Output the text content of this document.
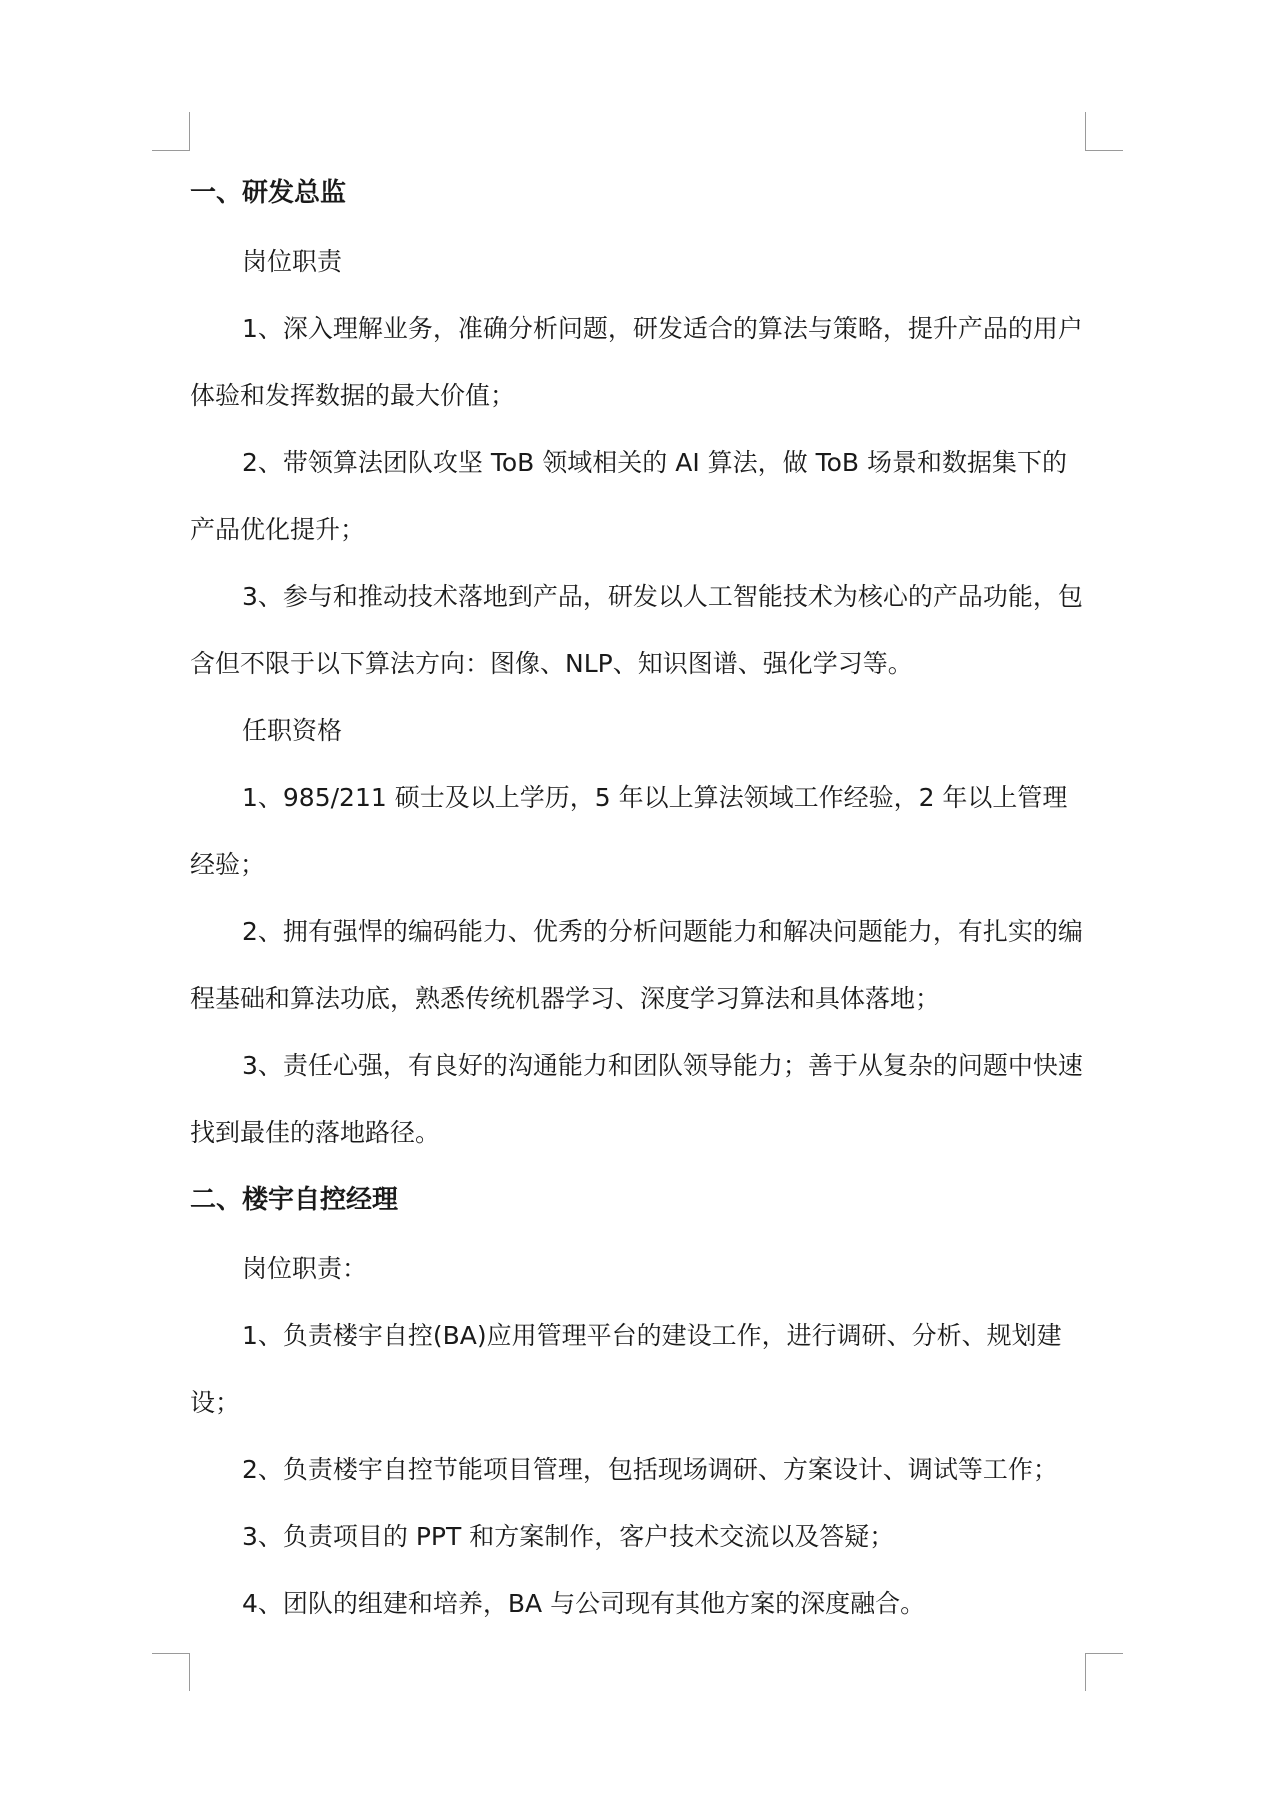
一、研发总监

岗位职责

1、深入理解业务，准确分析问题，研发适合的算法与策略，提升产品的用户体验和发挥数据的最大价值；

2、带领算法团队攻坚 ToB 领域相关的 AI 算法，做 ToB 场景和数据集下的产品优化提升；

3、参与和推动技术落地到产品，研发以人工智能技术为核心的产品功能，包含但不限于以下算法方向：图像、NLP、知识图谱、强化学习等。

任职资格

1、985/211 硕士及以上学历，5 年以上算法领域工作经验，2 年以上管理经验；

2、拥有强悍的编码能力、优秀的分析问题能力和解决问题能力，有扎实的编程基础和算法功底，熟悉传统机器学习、深度学习算法和具体落地；

3、责任心强，有良好的沟通能力和团队领导能力；善于从复杂的问题中快速找到最佳的落地路径。

二、楼宇自控经理

岗位职责：

1、负责楼宇自控(BA)应用管理平台的建设工作，进行调研、分析、规划建设；

2、负责楼宇自控节能项目管理，包括现场调研、方案设计、调试等工作；

3、负责项目的 PPT 和方案制作，客户技术交流以及答疑；

4、团队的组建和培养，BA 与公司现有其他方案的深度融合。
